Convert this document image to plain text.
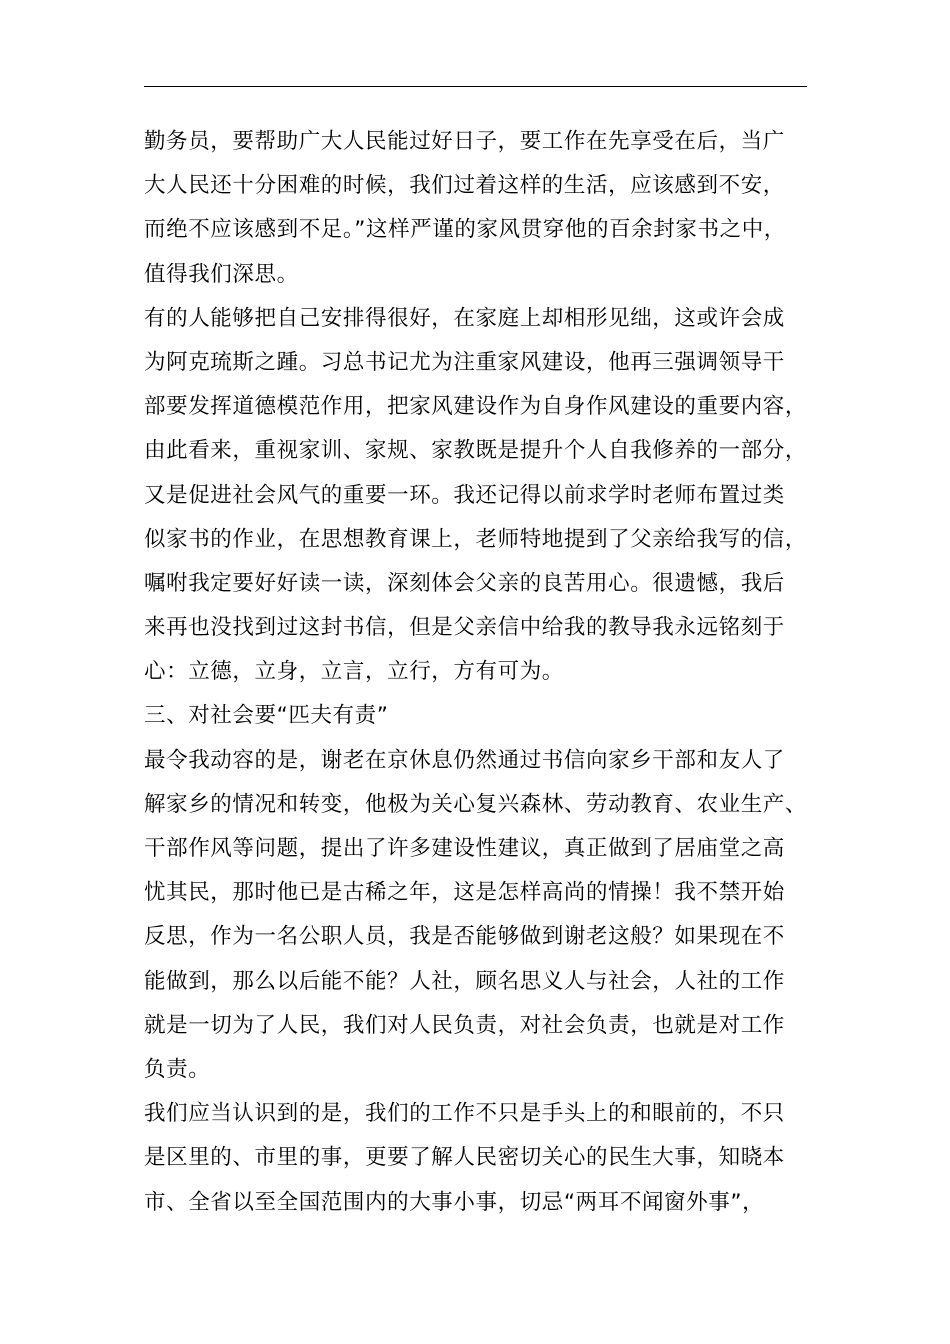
勤务员，要帮助广大人民能过好日子，要工作在先享受在后，当广
大人民还十分困难的时候，我们过着这样的生活，应该感到不安，
而绝不应该感到不足。”这样严谨的家风贯穿他的百余封家书之中，
值得我们深思。
有的人能够把自己安排得很好，在家庭上却相形见绌，这或许会成
为阿克琉斯之踵。习总书记尤为注重家风建设，他再三强调领导干
部要发挥道德模范作用，把家风建设作为自身作风建设的重要内容，
由此看来，重视家训、家规、家教既是提升个人自我修养的一部分，
又是促进社会风气的重要一环。我还记得以前求学时老师布置过类
似家书的作业，在思想教育课上，老师特地提到了父亲给我写的信，
嘱咐我定要好好读一读，深刻体会父亲的良苦用心。很遗憾，我后
来再也没找到过这封书信，但是父亲信中给我的教导我永远铭刻于
心：立德，立身，立言，立行，方有可为。
三、对社会要“匹夫有责”
最令我动容的是，谢老在京休息仍然通过书信向家乡干部和友人了
解家乡的情况和转变，他极为关心复兴森林、劳动教育、农业生产、
干部作风等问题，提出了许多建设性建议，真正做到了居庙堂之高
忧其民，那时他已是古稀之年，这是怎样高尚的情操！我不禁开始
反思，作为一名公职人员，我是否能够做到谢老这般？如果现在不
能做到，那么以后能不能？人社，顾名思义人与社会，人社的工作
就是一切为了人民，我们对人民负责，对社会负责，也就是对工作
负责。
我们应当认识到的是，我们的工作不只是手头上的和眼前的，不只
是区里的、市里的事，更要了解人民密切关心的民生大事，知晓本
市、全省以至全国范围内的大事小事，切忌“两耳不闻窗外事”，
